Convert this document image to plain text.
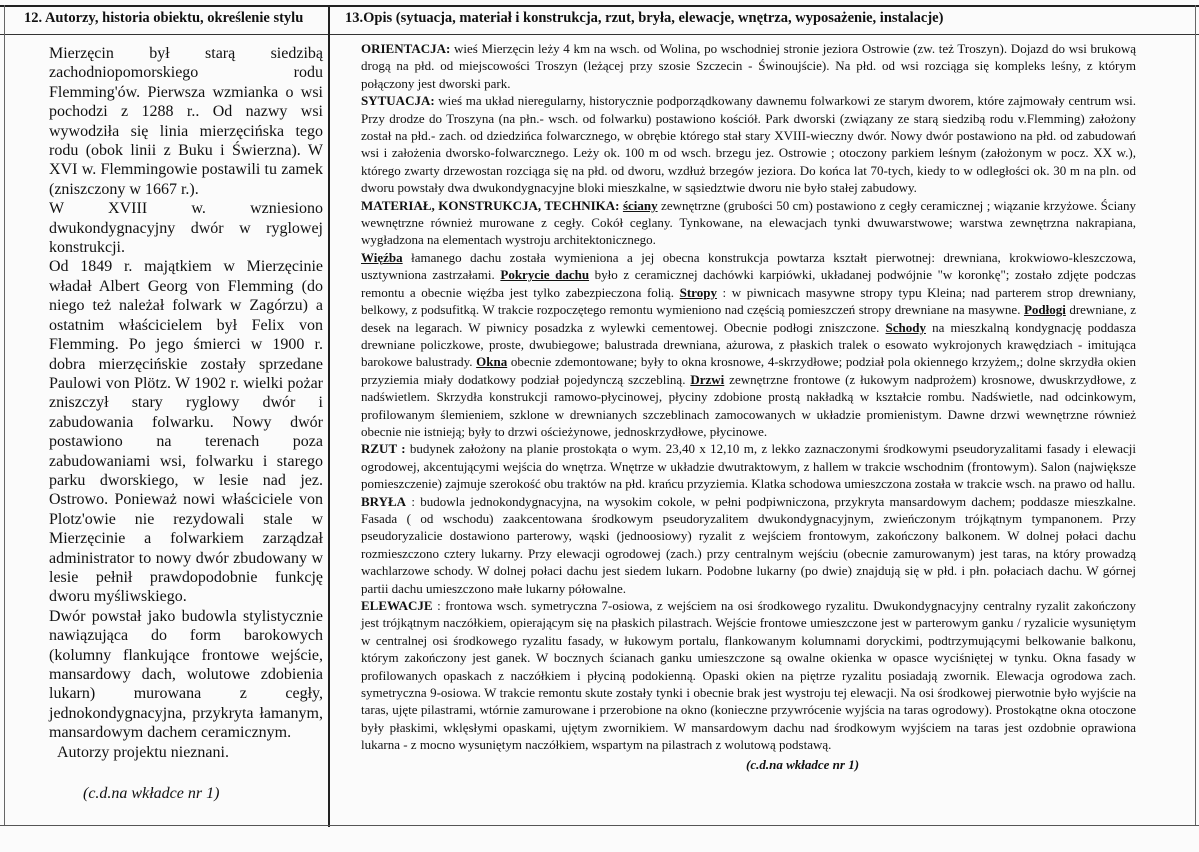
12. Autorzy, historia obiektu, określenie stylu	13.Opis (sytuacja, materiał i konstrukcja, rzut, bryła, elewacje, wnętrza, wyposażenie, instalacje)

Mierzęcin był starą siedzibą zachodniopomorskiego rodu Flemming'ów. Pierwsza wzmianka o wsi pochodzi z 1288 r.. Od nazwy wsi wywodziła się linia mierzęcińska tego rodu (obok linii z Buku i Świerzna). W XVI w. Flemmingowie postawili tu zamek (zniszczony w 1667 r.).

W XVIII w. wzniesiono dwukondygnacyjny dwór w ryglowej konstrukcji.

Od 1849 r. majątkiem w Mierzęcinie władał Albert Georg von Flemming (do niego też należał folwark w Zagórzu) a ostatnim właścicielem był Felix von Flemming. Po jego śmierci w 1900 r. dobra mierzęcińskie zostały sprzedane Paulowi von Plötz. W 1902 r. wielki pożar zniszczył stary ryglowy dwór i zabudowania folwarku. Nowy dwór postawiono na terenach poza zabudowaniami wsi, folwarku i starego parku dworskiego, w lesie nad jez. Ostrowo. Ponieważ nowi właściciele von Plotz'owie nie rezydowali stale w Mierzęcinie a folwarkiem zarządzał administrator to nowy dwór zbudowany w lesie pełnił prawdopodobnie funkcję dworu myśliwskiego.

Dwór powstał jako budowla stylistycznie nawiązująca do form barokowych (kolumny flankujące frontowe wejście, mansardowy dach, wolutowe zdobienia lukarn) murowana z cegły, jednokondygnacyjna, przykryta łamanym, mansardowym dachem ceramicznym.

Autorzy projektu nieznani.

(c.d.na wkładce nr 1)

ORIENTACJA: wieś Mierzęcin leży 4 km na wsch. od Wolina, po wschodniej stronie jeziora Ostrowie (zw. też Troszyn). Dojazd do wsi brukową drogą na płd. od miejscowości Troszyn (leżącej przy szosie Szczecin - Świnoujście). Na płd. od wsi rozciąga się kompleks leśny, z którym połączony jest dworski park.

SYTUACJA: wieś ma układ nieregularny, historycznie podporządkowany dawnemu folwarkowi ze starym dworem, które zajmowały centrum wsi. Przy drodze do Troszyna (na płn.- wsch. od folwarku) postawiono kościół. Park dworski (związany ze starą siedzibą rodu v.Flemming) założony został na płd.- zach. od dziedzińca folwarcznego, w obrębie którego stał stary XVIII-wieczny dwór. Nowy dwór postawiono na płd. od zabudowań wsi i założenia dworsko-folwarcznego. Leży ok. 100 m od wsch. brzegu jez. Ostrowie ; otoczony parkiem leśnym (założonym w pocz. XX w.), którego zwarty drzewostan rozciąga się na płd. od dworu, wzdłuż brzegów jeziora. Do końca lat 70-tych, kiedy to w odległości ok. 30 m na pln. od dworu powstały dwa dwukondygnacyjne bloki mieszkalne, w sąsiedztwie dworu nie było stałej zabudowy.

MATERIAŁ, KONSTRUKCJA, TECHNIKA: ściany zewnętrzne (grubości 50 cm) postawiono z cegły ceramicznej ; wiązanie krzyżowe. Ściany wewnętrzne również murowane z cegły. Cokół ceglany. Tynkowane, na elewacjach tynki dwuwarstwowe; warstwa zewnętrzna nakrapiana, wygładzona na elementach wystroju architektonicznego.

Więźba łamanego dachu została wymieniona a jej obecna konstrukcja powtarza kształt pierwotnej: drewniana, krokwiowo-kleszczowa, usztywniona zastrzałami. Pokrycie dachu było z ceramicznej dachówki karpiówki, układanej podwójnie "w koronkę"; zostało zdjęte podczas remontu a obecnie więźba jest tylko zabezpieczona folią. Stropy : w piwnicach masywne stropy typu Kleina; nad parterem strop drewniany, belkowy, z podsufitką. W trakcie rozpoczętego remontu wymieniono nad częścią pomieszczeń stropy drewniane na masywne. Podłogi drewniane, z desek na legarach. W piwnicy posadzka z wylewki cementowej. Obecnie podłogi zniszczone. Schody na mieszkalną kondygnację poddasza drewniane policzkowe, proste, dwubiegowe; balustrada drewniana, ażurowa, z płaskich tralek o esowato wykrojonych krawędziach - imitująca barokowe balustrady. Okna obecnie zdemontowane; były to okna krosnowe, 4-skrzydłowe; podział pola okiennego krzyżem,; dolne skrzydła okien przyziemia miały dodatkowy podział pojedynczą szczebliną. Drzwi zewnętrzne frontowe (z łukowym nadprożem) krosnowe, dwuskrzydłowe, z nadświetlem. Skrzydła konstrukcji ramowo-płycinowej, płyciny zdobione prostą nakładką w kształcie rombu. Nadświetle, nad odcinkowym, profilowanym ślemieniem, szklone w drewnianych szczeblinach zamocowanych w układzie promienistym. Dawne drzwi wewnętrzne również obecnie nie istnieją; były to drzwi ościeżynowe, jednoskrzydłowe, płycinowe.

RZUT : budynek założony na planie prostokąta o wym. 23,40 x 12,10 m, z lekko zaznaczonymi środkowymi pseudoryzalitami fasady i elewacji ogrodowej, akcentującymi wejścia do wnętrza. Wnętrze w układzie dwutraktowym, z hallem w trakcie wschodnim (frontowym). Salon (największe pomieszczenie) zajmuje szerokość obu traktów na płd. krańcu przyziemia. Klatka schodowa umieszczona została w trakcie wsch. na prawo od hallu.

BRYŁA : budowla jednokondygnacyjna, na wysokim cokole, w pełni podpiwniczona, przykryta mansardowym dachem; poddasze mieszkalne. Fasada ( od wschodu) zaakcentowana środkowym pseudoryzalitem dwukondygnacyjnym, zwieńczonym trójkątnym tympanonem. Przy pseudoryzalicie dostawiono parterowy, wąski (jednoosiowy) ryzalit z wejściem frontowym, zakończony balkonem. W dolnej połaci dachu rozmieszczono cztery lukarny. Przy elewacji ogrodowej (zach.) przy centralnym wejściu (obecnie zamurowanym) jest taras, na który prowadzą wachlarzowe schody. W dolnej połaci dachu jest siedem lukarn. Podobne lukarny (po dwie) znajdują się w płd. i płn. połaciach dachu. W górnej partii dachu umieszczono małe lukarny półowalne.

ELEWACJE : frontowa wsch. symetryczna 7-osiowa, z wejściem na osi środkowego ryzalitu. Dwukondygnacyjny centralny ryzalit zakończony jest trójkątnym naczółkiem, opierającym się na płaskich pilastrach. Wejście frontowe umieszczone jest w parterowym ganku / ryzalicie wysuniętym w centralnej osi środkowego ryzalitu fasady, w łukowym portalu, flankowanym kolumnami doryckimi, podtrzymującymi belkowanie balkonu, którym zakończony jest ganek. W bocznych ścianach ganku umieszczone są owalne okienka w opasce wyciśniętej w tynku. Okna fasady w profilowanych opaskach z naczółkiem i płyciną podokienną. Opaski okien na piętrze ryzalitu posiadają zwornik. Elewacja ogrodowa zach. symetryczna 9-osiowa. W trakcie remontu skute zostały tynki i obecnie brak jest wystroju tej elewacji. Na osi środkowej pierwotnie było wyjście na taras, ujęte pilastrami, wtórnie zamurowane i przerobione na okno (konieczne przywrócenie wyjścia na taras ogrodowy). Prostokątne okna otoczone były płaskimi, wklęsłymi opaskami, ujętym zwornikiem. W mansardowym dachu nad środkowym wyjściem na taras jest ozdobnie oprawiona lukarna - z mocno wysuniętym naczółkiem, wspartym na pilastrach z wolutową podstawą.

(c.d.na wkładce nr 1)
